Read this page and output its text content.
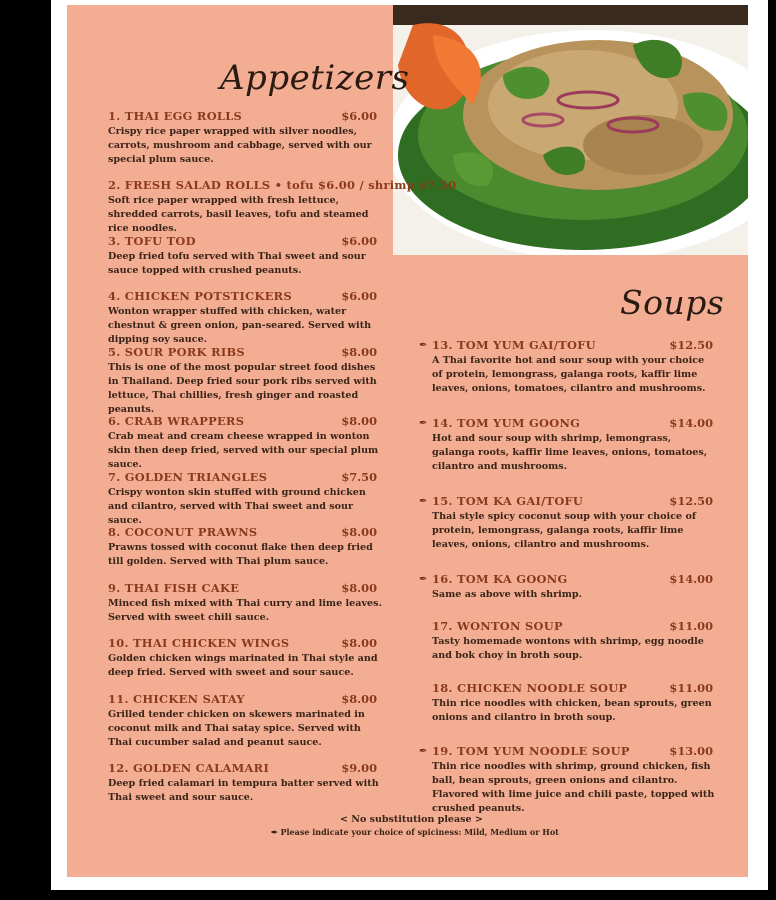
Appetizers
Soups
1. THAI EGG ROLLS	$6.00
Crispy rice paper wrapped with silver noodles, carrots, mushroom and cabbage, served with our special plum sauce.
2. FRESH SALAD ROLLS • tofu $6.00 / shrimp $7.50
Soft rice paper wrapped with fresh lettuce, shredded carrots, basil leaves, tofu and steamed rice noodles.
3. TOFU TOD	$6.00
Deep fried tofu served with Thai sweet and sour sauce topped with crushed peanuts.
4. CHICKEN POTSTICKERS	$6.00
Wonton wrapper stuffed with chicken, water chestnut & green onion, pan-seared. Served with dipping soy sauce.
5. SOUR PORK RIBS	$8.00
This is one of the most popular street food dishes in Thailand. Deep fried sour pork ribs served with lettuce, Thai chillies, fresh ginger and roasted peanuts.
6. CRAB WRAPPERS	$8.00
Crab meat and cream cheese wrapped in wonton skin then deep fried, served with our special plum sauce.
7. GOLDEN TRIANGLES	$7.50
Crispy wonton skin stuffed with ground chicken and cilantro, served with Thai sweet and sour sauce.
8. COCONUT PRAWNS	$8.00
Prawns tossed with coconut flake then deep fried till golden. Served with Thai plum sauce.
9. THAI FISH CAKE	$8.00
Minced fish mixed with Thai curry and lime leaves. Served with sweet chili sauce.
10. THAI CHICKEN WINGS	$8.00
Golden chicken wings marinated in Thai style and deep fried. Served with sweet and sour sauce.
11. CHICKEN SATAY	$8.00
Grilled tender chicken on skewers marinated in coconut milk and Thai satay spice. Served with Thai cucumber salad and peanut sauce.
12. GOLDEN CALAMARI	$9.00
Deep fried calamari in tempura batter served with Thai sweet and sour sauce.
✒ 13. TOM YUM GAI/TOFU	$12.50
A Thai favorite hot and sour soup with your choice of protein, lemongrass, galanga roots, kaffir lime leaves, onions, tomatoes, cilantro and mushrooms.
✒ 14. TOM YUM GOONG	$14.00
Hot and sour soup with shrimp, lemongrass, galanga roots, kaffir lime leaves, onions, tomatoes, cilantro and mushrooms.
✒ 15. TOM KA GAI/TOFU	$12.50
Thai style spicy coconut soup with your choice of protein, lemongrass, galanga roots, kaffir lime leaves, onions, cilantro and mushrooms.
✒ 16. TOM KA GOONG	$14.00
Same as above with shrimp.
17. WONTON SOUP	$11.00
Tasty homemade wontons with shrimp, egg noodle and bok choy in broth soup.
18. CHICKEN NOODLE SOUP	$11.00
Thin rice noodles with chicken, bean sprouts, green onions and cilantro in broth soup.
✒ 19. TOM YUM NOODLE SOUP	$13.00
Thin rice noodles with shrimp, ground chicken, fish ball, bean sprouts, green onions and cilantro. Flavored with lime juice and chili paste, topped with crushed peanuts.
< No substitution please >
✒ Please indicate your choice of spiciness: Mild, Medium or Hot
